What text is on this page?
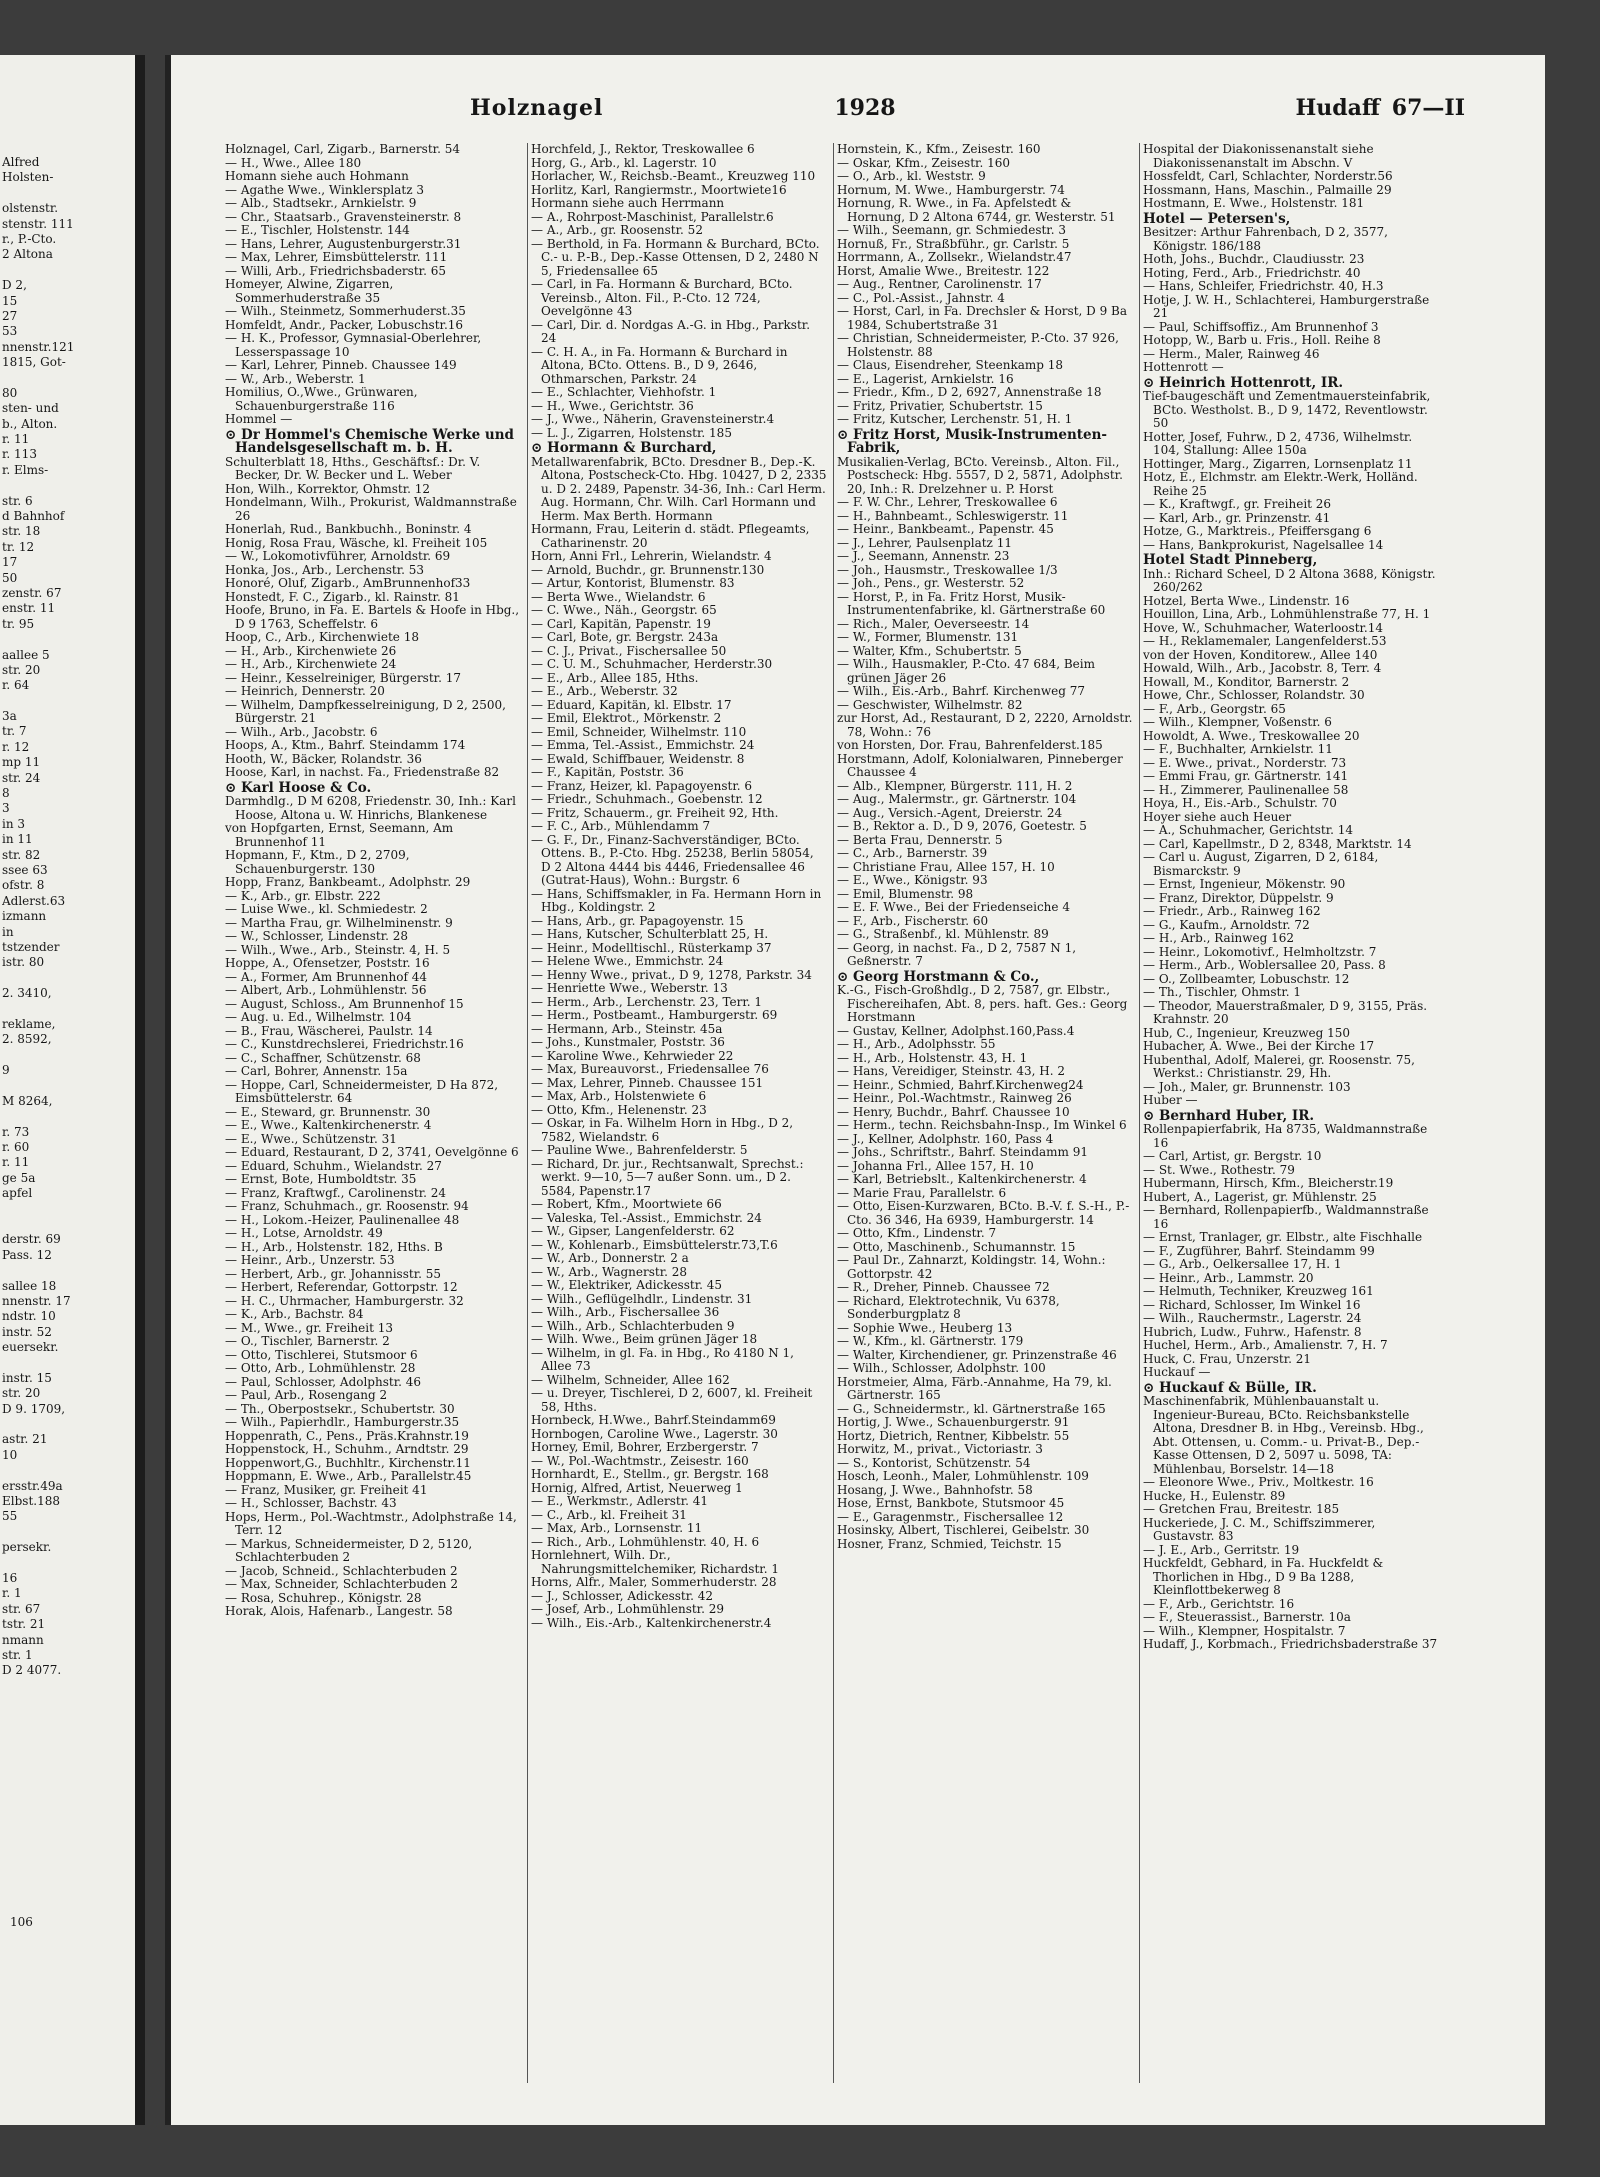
Alfred
Holsten-

olstenstr.
stenstr. 111
r., P.-Cto.
2 Altona

D 2,
15
27
53
nnenstr.121
1815, Got-

80
sten- und
b., Alton.
r. 11
r. 113
r. Elms-

str. 6
d Bahnhof
str. 18
tr. 12
17
50
zenstr. 67
enstr. 11
tr. 95

aallee 5
str. 20
r. 64

3a
tr. 7
r. 12
mp 11
str. 24
8
3
in 3
in 11
str. 82
ssee 63
ofstr. 8
Adlerst.63
izmann
in
tstzender
istr. 80

2. 3410,

reklame,
2. 8592,

9

M 8264,

r. 73
r. 60
r. 11
ge 5a
apfel

derstr. 69
Pass. 12

sallee 18
nnenstr. 17
ndstr. 10
instr. 52
euersekr.

instr. 15
str. 20
D 9. 1709,

astr. 21
10

ersstr.49a
Elbst.188
55

persekr.

16
r. 1
str. 67
tstr. 21
nmann
str. 1
D 2 4077.
106
Holznagel	1928	Hudaff 67—II

Holznagel, Carl, Zigarb., Barnerstr. 54

— H., Wwe., Allee 180

Homann siehe auch Hohmann

— Agathe Wwe., Winklersplatz 3

— Alb., Stadtsekr., Arnkielstr. 9

— Chr., Staatsarb., Gravensteinerstr. 8

— E., Tischler, Holstenstr. 144

— Hans, Lehrer, Augustenburgerstr.31

— Max, Lehrer, Eimsbüttelerstr. 111

— Willi, Arb., Friedrichsbaderstr. 65

Homeyer, Alwine, Zigarren, Sommerhuderstraße 35

— Wilh., Steinmetz, Sommerhuderst.35

Homfeldt, Andr., Packer, Lobuschstr.16

— H. K., Professor, Gymnasial-Oberlehrer, Lesserspassage 10

— Karl, Lehrer, Pinneb. Chaussee 149

— W., Arb., Weberstr. 1

Homilius, O.,Wwe., Grünwaren, Schauenburgerstraße 116

Hommel —

⊙ Dr Hommel's Chemische Werke und Handelsgesellschaft m. b. H.

Schulterblatt 18, Hths., Geschäftsf.: Dr. V. Becker, Dr. W. Becker und L. Weber

Hon, Wilh., Korrektor, Ohmstr. 12

Hondelmann, Wilh., Prokurist, Waldmannstraße 26

Honerlah, Rud., Bankbuchh., Boninstr. 4

Honig, Rosa Frau, Wäsche, kl. Freiheit 105

— W., Lokomotivführer, Arnoldstr. 69

Honka, Jos., Arb., Lerchenstr. 53

Honoré, Oluf, Zigarb., AmBrunnenhof33

Honstedt, F. C., Zigarb., kl. Rainstr. 81

Hoofe, Bruno, in Fa. E. Bartels & Hoofe in Hbg., D 9 1763, Scheffelstr. 6

Hoop, C., Arb., Kirchenwiete 18

— H., Arb., Kirchenwiete 26

— H., Arb., Kirchenwiete 24

— Heinr., Kesselreiniger, Bürgerstr. 17

— Heinrich, Dennerstr. 20

— Wilhelm, Dampfkesselreinigung, D 2, 2500, Bürgerstr. 21

— Wilh., Arb., Jacobstr. 6

Hoops, A., Ktm., Bahrf. Steindamm 174

Hooth, W., Bäcker, Rolandstr. 36

Hoose, Karl, in nachst. Fa., Friedenstraße 82

⊙ Karl Hoose & Co.

Darmhdlg., D M 6208, Friedenstr. 30, Inh.: Karl Hoose, Altona u. W. Hinrichs, Blankenese

von Hopfgarten, Ernst, Seemann, Am Brunnenhof 11

Hopmann, F., Ktm., D 2, 2709, Schauenburgerstr. 130

Hopp, Franz, Bankbeamt., Adolphstr. 29

— K., Arb., gr. Elbstr. 222

— Luise Wwe., kl. Schmiedestr. 2

— Martha Frau, gr. Wilhelminenstr. 9

— W., Schlosser, Lindenstr. 28

— Wilh., Wwe., Arb., Steinstr. 4, H. 5

Hoppe, A., Ofensetzer, Poststr. 16

— A., Former, Am Brunnenhof 44

— Albert, Arb., Lohmühlenstr. 56

— August, Schloss., Am Brunnenhof 15

— Aug. u. Ed., Wilhelmstr. 104

— B., Frau, Wäscherei, Paulstr. 14

— C., Kunstdrechslerei, Friedrichstr.16

— C., Schaffner, Schützenstr. 68

— Carl, Bohrer, Annenstr. 15a

— Hoppe, Carl, Schneidermeister, D Ha 872, Eimsbüttelerstr. 64

— E., Steward, gr. Brunnenstr. 30

— E., Wwe., Kaltenkirchenerstr. 4

— E., Wwe., Schützenstr. 31

— Eduard, Restaurant, D 2, 3741, Oevelgönne 6

— Eduard, Schuhm., Wielandstr. 27

— Ernst, Bote, Humboldtstr. 35

— Franz, Kraftwgf., Carolinenstr. 24

— Franz, Schuhmach., gr. Roosenstr. 94

— H., Lokom.-Heizer, Paulinenallee 48

— H., Lotse, Arnoldstr. 49

— H., Arb., Holstenstr. 182, Hths. B

— Heinr., Arb., Unzerstr. 53

— Herbert, Arb., gr. Johannisstr. 55

— Herbert, Referendar, Gottorpstr. 12

— H. C., Uhrmacher, Hamburgerstr. 32

— K., Arb., Bachstr. 84

— M., Wwe., gr. Freiheit 13

— O., Tischler, Barnerstr. 2

— Otto, Tischlerei, Stutsmoor 6

— Otto, Arb., Lohmühlenstr. 28

— Paul, Schlosser, Adolphstr. 46

— Paul, Arb., Rosengang 2

— Th., Oberpostsekr., Schubertstr. 30

— Wilh., Papierhdlr., Hamburgerstr.35

Hoppenrath, C., Pens., Präs.Krahnstr.19

Hoppenstock, H., Schuhm., Arndtstr. 29

Hoppenwort,G., Buchhltr., Kirchenstr.11

Hoppmann, E. Wwe., Arb., Parallelstr.45

— Franz, Musiker, gr. Freiheit 41

— H., Schlosser, Bachstr. 43

Hops, Herm., Pol.-Wachtmstr., Adolphstraße 14, Terr. 12

— Markus, Schneidermeister, D 2, 5120, Schlachterbuden 2

— Jacob, Schneid., Schlachterbuden 2

— Max, Schneider, Schlachterbuden 2

— Rosa, Schuhrep., Königstr. 28

Horak, Alois, Hafenarb., Langestr. 58

Horchfeld, J., Rektor, Treskowallee 6

Horg, G., Arb., kl. Lagerstr. 10

Horlacher, W., Reichsb.-Beamt., Kreuzweg 110

Horlitz, Karl, Rangiermstr., Moortwiete16

Hormann siehe auch Herrmann

— A., Rohrpost-Maschinist, Parallelstr.6

— A., Arb., gr. Roosenstr. 52

— Berthold, in Fa. Hormann & Burchard, BCto. C.- u. P.-B., Dep.-Kasse Ottensen, D 2, 2480 N 5, Friedensallee 65

— Carl, in Fa. Hormann & Burchard, BCto. Vereinsb., Alton. Fil., P.-Cto. 12 724, Oevelgönne 43

— Carl, Dir. d. Nordgas A.-G. in Hbg., Parkstr. 24

— C. H. A., in Fa. Hormann & Burchard in Altona, BCto. Ottens. B., D 9, 2646, Othmarschen, Parkstr. 24

— E., Schlachter, Viehhofstr. 1

— H., Wwe., Gerichtstr. 36

— J., Wwe., Näherin, Gravensteinerstr.4

— L. J., Zigarren, Holstenstr. 185

⊙ Hormann & Burchard,

Metallwarenfabrik, BCto. Dresdner B., Dep.-K. Altona, Postscheck-Cto. Hbg. 10427, D 2, 2335 u. D 2. 2489, Papenstr. 34-36, Inh.: Carl Herm. Aug. Hormann, Chr. Wilh. Carl Hormann und Herm. Max Berth. Hormann

Hormann, Frau, Leiterin d. städt. Pflegeamts, Catharinenstr. 20

Horn, Anni Frl., Lehrerin, Wielandstr. 4

— Arnold, Buchdr., gr. Brunnenstr.130

— Artur, Kontorist, Blumenstr. 83

— Berta Wwe., Wielandstr. 6

— C. Wwe., Näh., Georgstr. 65

— Carl, Kapitän, Papenstr. 19

— Carl, Bote, gr. Bergstr. 243a

— C. J., Privat., Fischersallee 50

— C. U. M., Schuhmacher, Herderstr.30

— E., Arb., Allee 185, Hths.

— E., Arb., Weberstr. 32

— Eduard, Kapitän, kl. Elbstr. 17

— Emil, Elektrot., Mörkenstr. 2

— Emil, Schneider, Wilhelmstr. 110

— Emma, Tel.-Assist., Emmichstr. 24

— Ewald, Schiffbauer, Weidenstr. 8

— F., Kapitän, Poststr. 36

— Franz, Heizer, kl. Papagoyenstr. 6

— Friedr., Schuhmach., Goebenstr. 12

— Fritz, Schauerm., gr. Freiheit 92, Hth.

— F. C., Arb., Mühlendamm 7

— G. F., Dr., Finanz-Sachverständiger, BCto. Ottens. B., P.-Cto. Hbg. 25238, Berlin 58054, D 2 Altona 4444 bis 4446, Friedensallee 46 (Gutrat-Haus), Wohn.: Burgstr. 6

— Hans, Schiffsmakler, in Fa. Hermann Horn in Hbg., Koldingstr. 2

— Hans, Arb., gr. Papagoyenstr. 15

— Hans, Kutscher, Schulterblatt 25, H.

— Heinr., Modelltischl., Rüsterkamp 37

— Helene Wwe., Emmichstr. 24

— Henny Wwe., privat., D 9, 1278, Parkstr. 34

— Henriette Wwe., Weberstr. 13

— Herm., Arb., Lerchenstr. 23, Terr. 1

— Herm., Postbeamt., Hamburgerstr. 69

— Hermann, Arb., Steinstr. 45a

— Johs., Kunstmaler, Poststr. 36

— Karoline Wwe., Kehrwieder 22

— Max, Bureauvorst., Friedensallee 76

— Max, Lehrer, Pinneb. Chaussee 151

— Max, Arb., Holstenwiete 6

— Otto, Kfm., Helenenstr. 23

— Oskar, in Fa. Wilhelm Horn in Hbg., D 2, 7582, Wielandstr. 6

— Pauline Wwe., Bahrenfelderstr. 5

— Richard, Dr. jur., Rechtsanwalt, Sprechst.: werkt. 9—10, 5—7 außer Sonn. um., D 2. 5584, Papenstr.17

— Robert, Kfm., Moortwiete 66

— Valeska, Tel.-Assist., Emmichstr. 24

— W., Gipser, Langenfelderstr. 62

— W., Kohlenarb., Eimsbüttelerstr.73,T.6

— W., Arb., Donnerstr. 2 a

— W., Arb., Wagnerstr. 28

— W., Elektriker, Adickesstr. 45

— Wilh., Geflügelhdlr., Lindenstr. 31

— Wilh., Arb., Fischersallee 36

— Wilh., Arb., Schlachterbuden 9

— Wilh. Wwe., Beim grünen Jäger 18

— Wilhelm, in gl. Fa. in Hbg., Ro 4180 N 1, Allee 73

— Wilhelm, Schneider, Allee 162

— u. Dreyer, Tischlerei, D 2, 6007, kl. Freiheit 58, Hths.

Hornbeck, H.Wwe., Bahrf.Steindamm69

Hornbogen, Caroline Wwe., Lagerstr. 30

Horney, Emil, Bohrer, Erzbergerstr. 7

— W., Pol.-Wachtmstr., Zeisestr. 160

Hornhardt, E., Stellm., gr. Bergstr. 168

Hornig, Alfred, Artist, Neuerweg 1

— E., Werkmstr., Adlerstr. 41

— C., Arb., kl. Freiheit 31

— Max, Arb., Lornsenstr. 11

— Rich., Arb., Lohmühlenstr. 40, H. 6

Hornlehnert, Wilh. Dr., Nahrungsmittelchemiker, Richardstr. 1

Horns, Alfr., Maler, Sommerhuderstr. 28

— J., Schlosser, Adickesstr. 42

— Josef, Arb., Lohmühlenstr. 29

— Wilh., Eis.-Arb., Kaltenkirchenerstr.4

Hornstein, K., Kfm., Zeisestr. 160

— Oskar, Kfm., Zeisestr. 160

— O., Arb., kl. Weststr. 9

Hornum, M. Wwe., Hamburgerstr. 74

Hornung, R. Wwe., in Fa. Apfelstedt & Hornung, D 2 Altona 6744, gr. Westerstr. 51

— Wilh., Seemann, gr. Schmiedestr. 3

Hornuß, Fr., Straßbführ., gr. Carlstr. 5

Horrmann, A., Zollsekr., Wielandstr.47

Horst, Amalie Wwe., Breitestr. 122

— Aug., Rentner, Carolinenstr. 17

— C., Pol.-Assist., Jahnstr. 4

— Horst, Carl, in Fa. Drechsler & Horst, D 9 Ba 1984, Schubertstraße 31

— Christian, Schneidermeister, P.-Cto. 37 926, Holstenstr. 88

— Claus, Eisendreher, Steenkamp 18

— E., Lagerist, Arnkielstr. 16

— Friedr., Kfm., D 2, 6927, Annenstraße 18

— Fritz, Privatier, Schubertstr. 15

— Fritz, Kutscher, Lerchenstr. 51, H. 1

⊙ Fritz Horst, Musik-Instrumenten-Fabrik,

Musikalien-Verlag, BCto. Vereinsb., Alton. Fil., Postscheck: Hbg. 5557, D 2, 5871, Adolphstr. 20, Inh.: R. Drelzehner u. P. Horst

— F. W. Chr., Lehrer, Treskowallee 6

— H., Bahnbeamt., Schleswigerstr. 11

— Heinr., Bankbeamt., Papenstr. 45

— J., Lehrer, Paulsenplatz 11

— J., Seemann, Annenstr. 23

— Joh., Hausmstr., Treskowallee 1/3

— Joh., Pens., gr. Westerstr. 52

— Horst, P., in Fa. Fritz Horst, Musik-Instrumentenfabrike, kl. Gärtnerstraße 60

— Rich., Maler, Oeverseestr. 14

— W., Former, Blumenstr. 131

— Walter, Kfm., Schubertstr. 5

— Wilh., Hausmakler, P.-Cto. 47 684, Beim grünen Jäger 26

— Wilh., Eis.-Arb., Bahrf. Kirchenweg 77

— Geschwister, Wilhelmstr. 82

zur Horst, Ad., Restaurant, D 2, 2220, Arnoldstr. 78, Wohn.: 76

von Horsten, Dor. Frau, Bahrenfelderst.185

Horstmann, Adolf, Kolonialwaren, Pinneberger Chaussee 4

— Alb., Klempner, Bürgerstr. 111, H. 2

— Aug., Malermstr., gr. Gärtnerstr. 104

— Aug., Versich.-Agent, Dreierstr. 24

— B., Rektor a. D., D 9, 2076, Goetestr. 5

— Berta Frau, Dennerstr. 5

— C., Arb., Barnerstr. 39

— Christiane Frau, Allee 157, H. 10

— E., Wwe., Königstr. 93

— Emil, Blumenstr. 98

— E. F. Wwe., Bei der Friedenseiche 4

— F., Arb., Fischerstr. 60

— G., Straßenbf., kl. Mühlenstr. 89

— Georg, in nachst. Fa., D 2, 7587 N 1, Geßnerstr. 7

⊙ Georg Horstmann & Co.,

K.-G., Fisch-Großhdlg., D 2, 7587, gr. Elbstr., Fischereihafen, Abt. 8, pers. haft. Ges.: Georg Horstmann

— Gustav, Kellner, Adolphst.160,Pass.4

— H., Arb., Adolphsstr. 55

— H., Arb., Holstenstr. 43, H. 1

— Hans, Vereidiger, Steinstr. 43, H. 2

— Heinr., Schmied, Bahrf.Kirchenweg24

— Heinr., Pol.-Wachtmstr., Rainweg 26

— Henry, Buchdr., Bahrf. Chaussee 10

— Herm., techn. Reichsbahn-Insp., Im Winkel 6

— J., Kellner, Adolphstr. 160, Pass 4

— Johs., Schriftstr., Bahrf. Steindamm 91

— Johanna Frl., Allee 157, H. 10

— Karl, Betriebslt., Kaltenkirchenerstr. 4

— Marie Frau, Parallelstr. 6

— Otto, Eisen-Kurzwaren, BCto. B.-V. f. S.-H., P.-Cto. 36 346, Ha 6939, Hamburgerstr. 14

— Otto, Kfm., Lindenstr. 7

— Otto, Maschinenb., Schumannstr. 15

— Paul Dr., Zahnarzt, Koldingstr. 14, Wohn.: Gottorpstr. 42

— R., Dreher, Pinneb. Chaussee 72

— Richard, Elektrotechnik, Vu 6378, Sonderburgplatz 8

— Sophie Wwe., Heuberg 13

— W., Kfm., kl. Gärtnerstr. 179

— Walter, Kirchendiener, gr. Prinzenstraße 46

— Wilh., Schlosser, Adolphstr. 100

Horstmeier, Alma, Färb.-Annahme, Ha 79, kl. Gärtnerstr. 165

— G., Schneidermstr., kl. Gärtnerstraße 165

Hortig, J. Wwe., Schauenburgerstr. 91

Hortz, Dietrich, Rentner, Kibbelstr. 55

Horwitz, M., privat., Victoriastr. 3

— S., Kontorist, Schützenstr. 54

Hosch, Leonh., Maler, Lohmühlenstr. 109

Hosang, J. Wwe., Bahnhofstr. 58

Hose, Ernst, Bankbote, Stutsmoor 45

— E., Garagenmstr., Fischersallee 12

Hosinsky, Albert, Tischlerei, Geibelstr. 30

Hosner, Franz, Schmied, Teichstr. 15

Hospital der Diakonissenanstalt siehe Diakonissenanstalt im Abschn. V

Hossfeldt, Carl, Schlachter, Norderstr.56

Hossmann, Hans, Maschin., Palmaille 29

Hostmann, E. Wwe., Holstenstr. 181

Hotel — Petersen's,

Besitzer: Arthur Fahrenbach, D 2, 3577, Königstr. 186/188

Hoth, Johs., Buchdr., Claudiusstr. 23

Hoting, Ferd., Arb., Friedrichstr. 40

— Hans, Schleifer, Friedrichstr. 40, H.3

Hotje, J. W. H., Schlachterei, Hamburgerstraße 21

— Paul, Schiffsoffiz., Am Brunnenhof 3

Hotopp, W., Barb u. Fris., Holl. Reihe 8

— Herm., Maler, Rainweg 46

Hottenrott —

⊙ Heinrich Hottenrott, IR.

Tief-baugeschäft und Zementmauersteinfabrik, BCto. Westholst. B., D 9, 1472, Reventlowstr. 50

Hotter, Josef, Fuhrw., D 2, 4736, Wilhelmstr. 104, Stallung: Allee 150a

Hottinger, Marg., Zigarren, Lornsenplatz 11

Hotz, E., Elchmstr. am Elektr.-Werk, Holländ. Reihe 25

— K., Kraftwgf., gr. Freiheit 26

— Karl, Arb., gr. Prinzenstr. 41

Hotze, G., Marktreis., Pfeiffersgang 6

— Hans, Bankprokurist, Nagelsallee 14

Hotel Stadt Pinneberg,

Inh.: Richard Scheel, D 2 Altona 3688, Königstr. 260/262

Hotzel, Berta Wwe., Lindenstr. 16

Houillon, Lina, Arb., Lohmühlenstraße 77, H. 1

Hove, W., Schuhmacher, Waterloostr.14

— H., Reklamemaler, Langenfelderst.53

von der Hoven, Konditorew., Allee 140

Howald, Wilh., Arb., Jacobstr. 8, Terr. 4

Howall, M., Konditor, Barnerstr. 2

Howe, Chr., Schlosser, Rolandstr. 30

— F., Arb., Georgstr. 65

— Wilh., Klempner, Voßenstr. 6

Howoldt, A. Wwe., Treskowallee 20

— F., Buchhalter, Arnkielstr. 11

— E. Wwe., privat., Norderstr. 73

— Emmi Frau, gr. Gärtnerstr. 141

— H., Zimmerer, Paulinenallee 58

Hoya, H., Eis.-Arb., Schulstr. 70

Hoyer siehe auch Heuer

— A., Schuhmacher, Gerichtstr. 14

— Carl, Kapellmstr., D 2, 8348, Marktstr. 14

— Carl u. August, Zigarren, D 2, 6184, Bismarckstr. 9

— Ernst, Ingenieur, Mökenstr. 90

— Franz, Direktor, Düppelstr. 9

— Friedr., Arb., Rainweg 162

— G., Kaufm., Arnoldstr. 72

— H., Arb., Rainweg 162

— Heinr., Lokomotivf., Helmholtzstr. 7

— Herm., Arb., Woblersallee 20, Pass. 8

— O., Zollbeamter, Lobuschstr. 12

— Th., Tischler, Ohmstr. 1

— Theodor, Mauerstraßmaler, D 9, 3155, Präs. Krahnstr. 20

Hub, C., Ingenieur, Kreuzweg 150

Hubacher, A. Wwe., Bei der Kirche 17

Hubenthal, Adolf, Malerei, gr. Roosenstr. 75, Werkst.: Christianstr. 29, Hh.

— Joh., Maler, gr. Brunnenstr. 103

Huber —

⊙ Bernhard Huber, IR.

Rollenpapierfabrik, Ha 8735, Waldmannstraße 16

— Carl, Artist, gr. Bergstr. 10

— St. Wwe., Rothestr. 79

Hubermann, Hirsch, Kfm., Bleicherstr.19

Hubert, A., Lagerist, gr. Mühlenstr. 25

— Bernhard, Rollenpapierfb., Waldmannstraße 16

— Ernst, Tranlager, gr. Elbstr., alte Fischhalle

— F., Zugführer, Bahrf. Steindamm 99

— G., Arb., Oelkersallee 17, H. 1

— Heinr., Arb., Lammstr. 20

— Helmuth, Techniker, Kreuzweg 161

— Richard, Schlosser, Im Winkel 16

— Wilh., Rauchermstr., Lagerstr. 24

Hubrich, Ludw., Fuhrw., Hafenstr. 8

Huchel, Herm., Arb., Amalienstr. 7, H. 7

Huck, C. Frau, Unzerstr. 21

Huckauf —

⊙ Huckauf & Bülle, IR.

Maschinenfabrik, Mühlenbauanstalt u. Ingenieur-Bureau, BCto. Reichsbankstelle Altona, Dresdner B. in Hbg., Vereinsb. Hbg., Abt. Ottensen, u. Comm.- u. Privat-B., Dep.-Kasse Ottensen, D 2, 5097 u. 5098, TA: Mühlenbau, Borselstr. 14—18

— Eleonore Wwe., Priv., Moltkestr. 16

Hucke, H., Eulenstr. 89

— Gretchen Frau, Breitestr. 185

Huckeriede, J. C. M., Schiffszimmerer, Gustavstr. 83

— J. E., Arb., Gerritstr. 19

Huckfeldt, Gebhard, in Fa. Huckfeldt & Thorlichen in Hbg., D 9 Ba 1288, Kleinflottbekerweg 8

— F., Arb., Gerichtstr. 16

— F., Steuerassist., Barnerstr. 10a

— Wilh., Klempner, Hospitalstr. 7

Hudaff, J., Korbmach., Friedrichsbaderstraße 37
